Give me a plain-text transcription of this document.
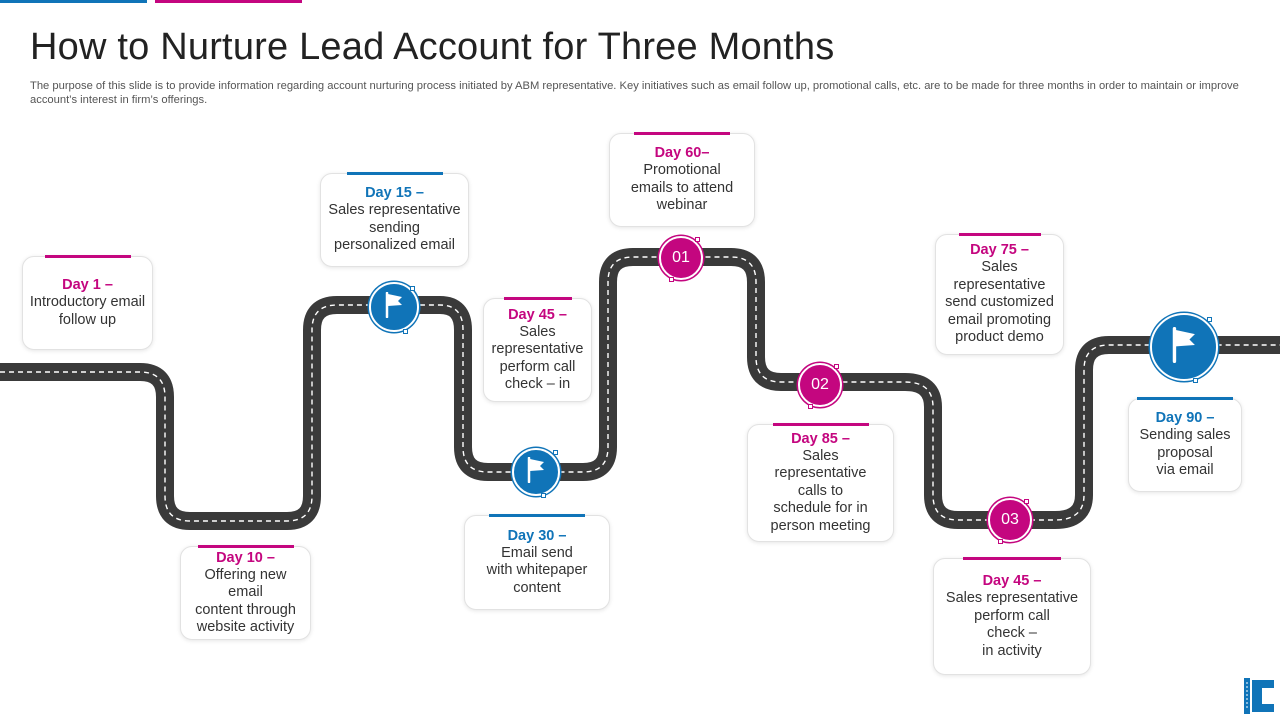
How to Nurture Lead Account for Three Months

The purpose of this slide is to provide information regarding account nurturing process initiated by ABM representative. Key initiatives such as email follow up, promotional calls, etc. are to be made for three months in order to maintain or improve account’s interest in firm’s offerings.

Day 1 –
Introductory email
follow up
Day 10 –
Offering new email
content through
website activity
Day 15 –
Sales representative
sending
personalized email
Day 45 –
Sales
representative
perform call
check – in
Day 30 –
Email send
with whitepaper
content
Day 60–
Promotional
emails to attend
webinar
Day 85 –
Sales
representative
calls to
schedule for in
person meeting
Day 75 –
Sales
representative
send customized
email promoting
product demo
Day 45 –
Sales representative
perform call
check –
in activity
Day 90 –
Sending sales
proposal
via email
01
02
03
